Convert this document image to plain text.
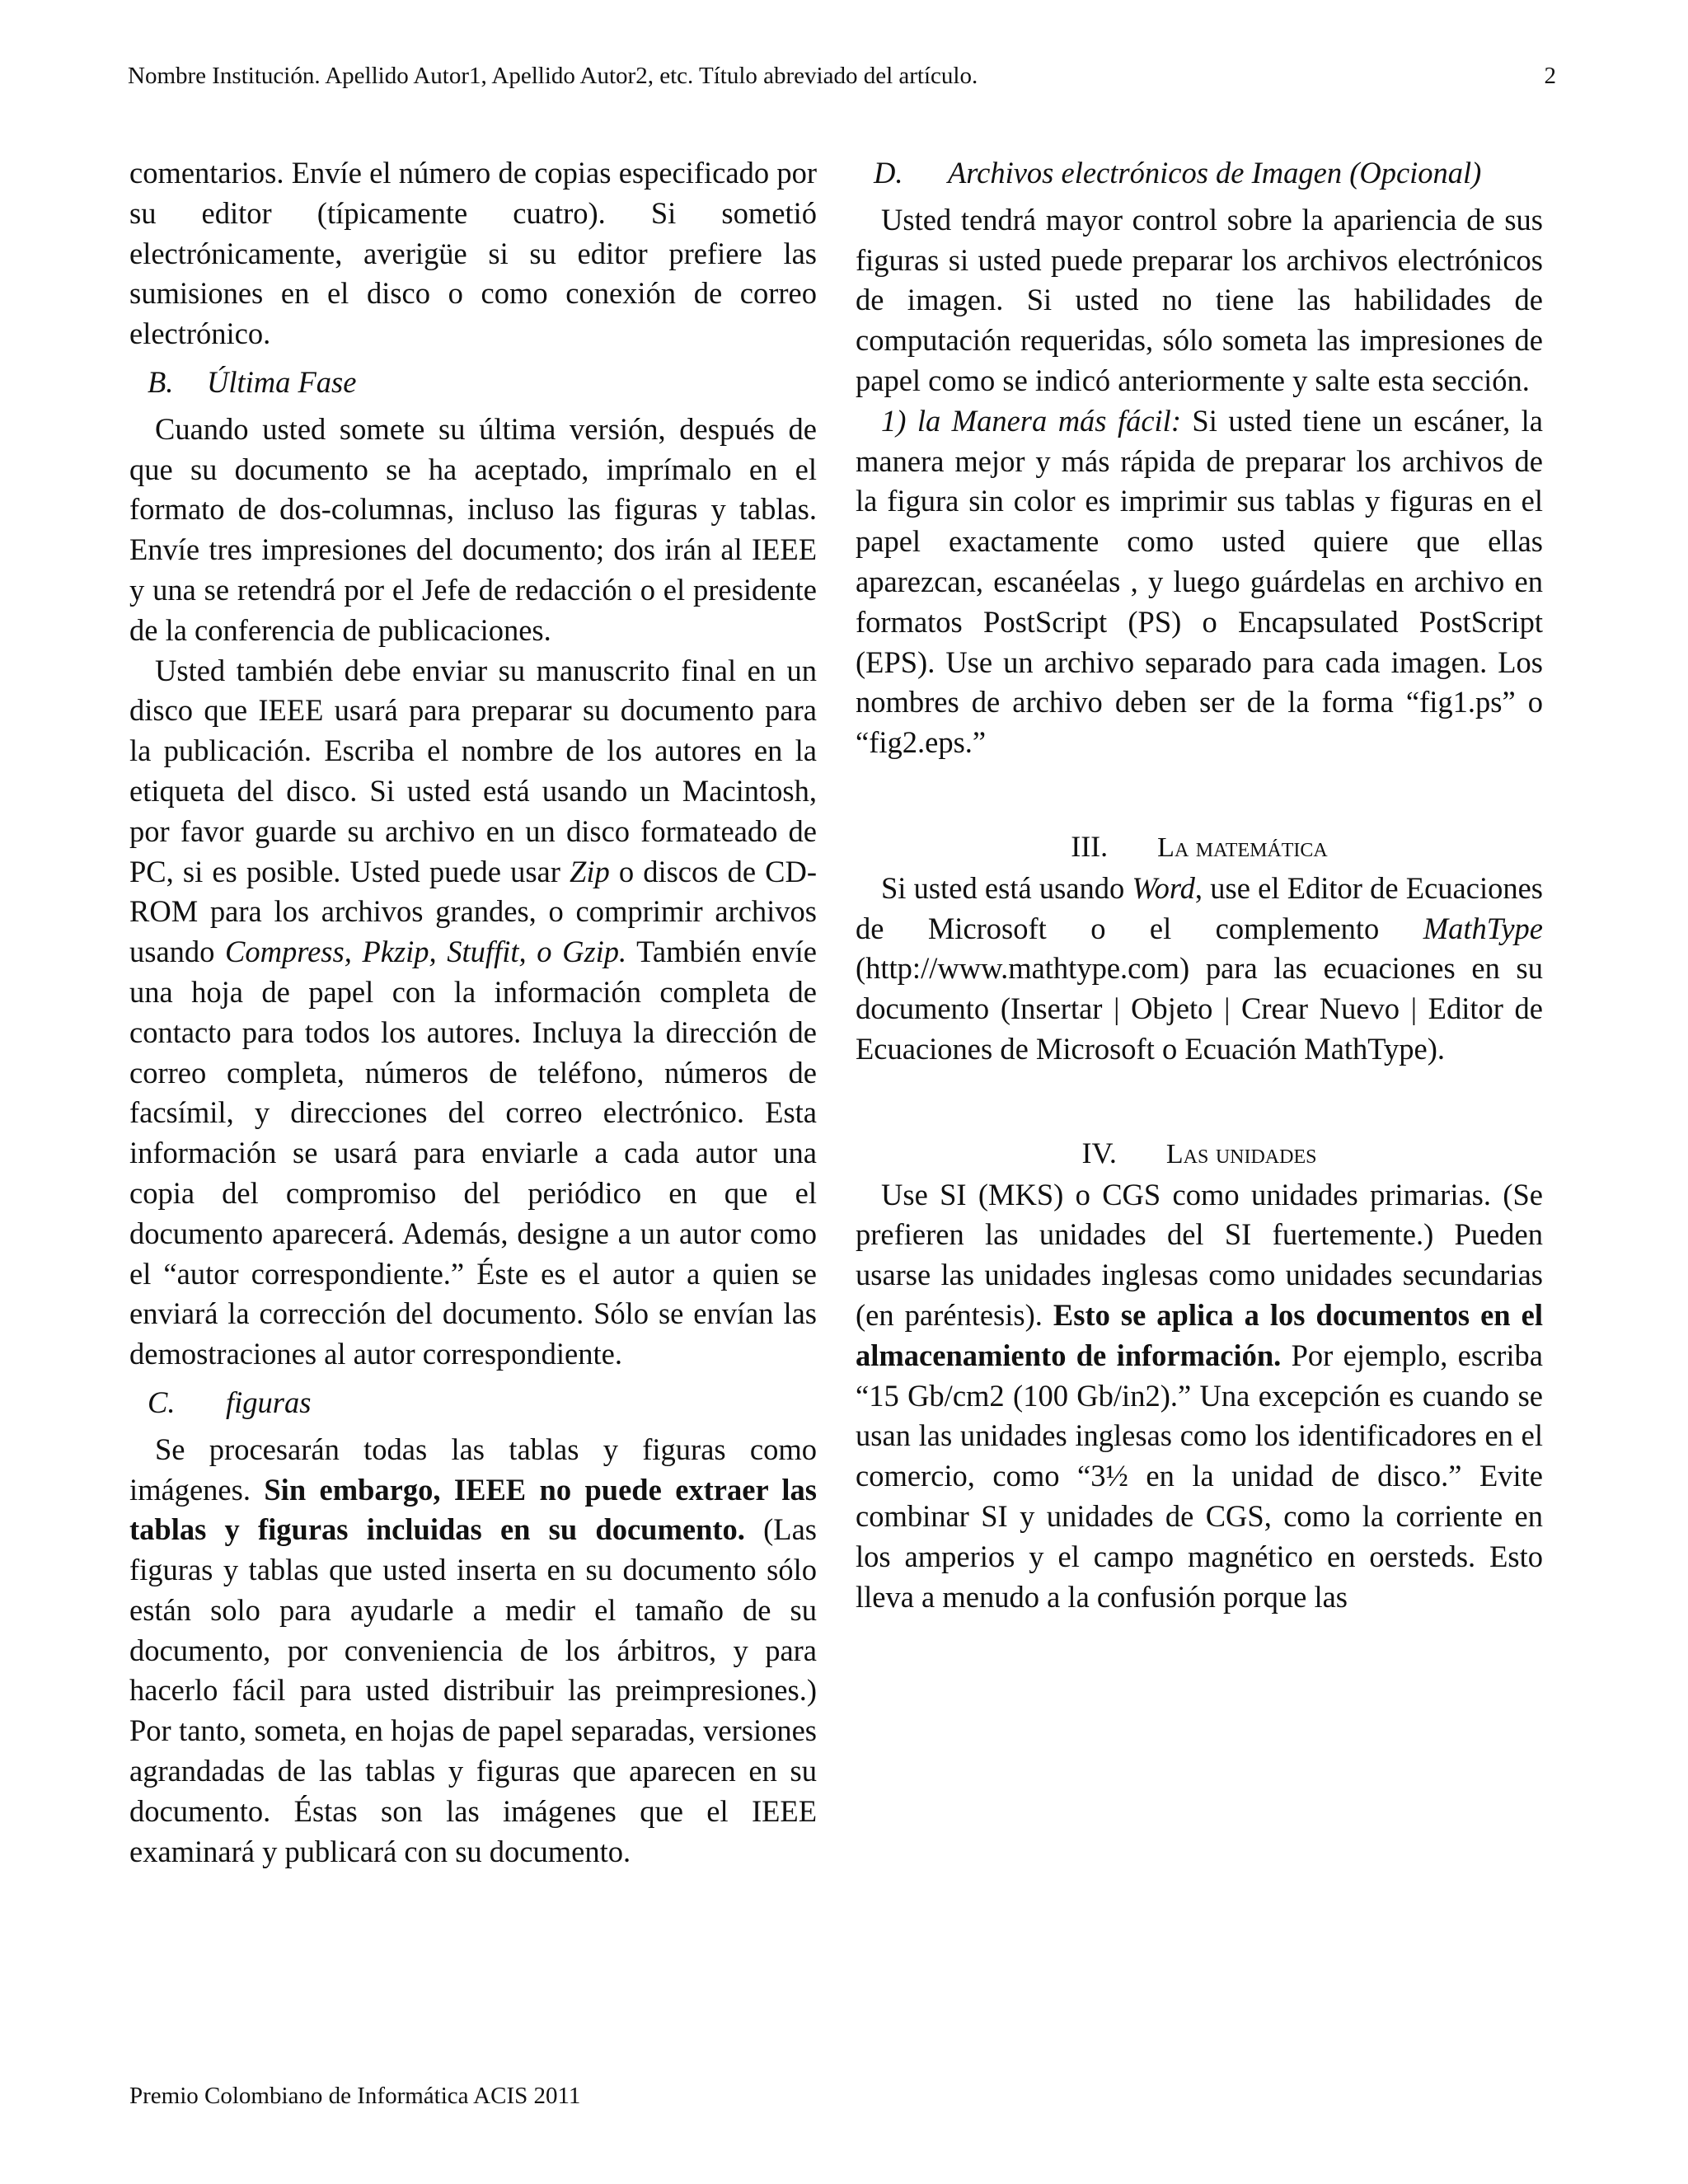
Nombre Institución. Apellido Autor1, Apellido Autor2, etc. Título abreviado del artículo.	2

comentarios. Envíe el número de copias especificado por su editor (típicamente cuatro). Si sometió electrónicamente, averigüe si su editor prefiere las sumisiones en el disco o como conexión de correo electrónico.

B.	Última Fase

Cuando usted somete su última versión, después de que su documento se ha aceptado, imprímalo en el formato de dos-columnas, incluso las figuras y tablas. Envíe tres impresiones del documento; dos irán al IEEE y una se retendrá por el Jefe de redacción o el presidente de la conferencia de publicaciones.

Usted también debe enviar su manuscrito final en un disco que IEEE usará para preparar su documento para la publicación. Escriba el nombre de los autores en la etiqueta del disco. Si usted está usando un Macintosh, por favor guarde su archivo en un disco formateado de PC, si es posible. Usted puede usar Zip o discos de CD-ROM para los archivos grandes, o comprimir archivos usando Compress, Pkzip, Stuffit, o Gzip. También envíe una hoja de papel con la información completa de contacto para todos los autores. Incluya la dirección de correo completa, números de teléfono, números de facsímil, y direcciones del correo electrónico. Esta información se usará para enviarle a cada autor una copia del compromiso del periódico en que el documento aparecerá. Además, designe a un autor como el “autor correspondiente.” Éste es el autor a quien se enviará la corrección del documento. Sólo se envían las demostraciones al autor correspondiente.

C.	figuras

Se procesarán todas las tablas y figuras como imágenes. Sin embargo, IEEE no puede extraer las tablas y figuras incluidas en su documento. (Las figuras y tablas que usted inserta en su documento sólo están solo para ayudarle a medir el tamaño de su documento, por conveniencia de los árbitros, y para hacerlo fácil para usted distribuir las preimpresiones.) Por tanto, someta, en hojas de papel separadas, versiones agrandadas de las tablas y figuras que aparecen en su documento. Éstas son las imágenes que el IEEE examinará y publicará con su documento.

D.	Archivos electrónicos de Imagen (Opcional)

Usted tendrá mayor control sobre la apariencia de sus figuras si usted puede preparar los archivos electrónicos de imagen. Si usted no tiene las habilidades de computación requeridas, sólo someta las impresiones de papel como se indicó anteriormente y salte esta sección.

1) la Manera más fácil: Si usted tiene un escáner, la manera mejor y más rápida de preparar los archivos de la figura sin color es imprimir sus tablas y figuras en el papel exactamente como usted quiere que ellas aparezcan, escanéelas , y luego guárdelas en archivo en formatos PostScript (PS) o Encapsulated PostScript (EPS). Use un archivo separado para cada imagen. Los nombres de archivo deben ser de la forma “fig1.ps” o “fig2.eps.”

III. La matemática

Si usted está usando Word, use el Editor de Ecuaciones de Microsoft o el complemento MathType (http://www.mathtype.com) para las ecuaciones en su documento (Insertar | Objeto | Crear Nuevo | Editor de Ecuaciones de Microsoft o Ecuación MathType).

IV. Las unidades

Use SI (MKS) o CGS como unidades primarias. (Se prefieren las unidades del SI fuertemente.) Pueden usarse las unidades inglesas como unidades secundarias (en paréntesis). Esto se aplica a los documentos en el almacenamiento de información. Por ejemplo, escriba “15 Gb/cm2 (100 Gb/in2).” Una excepción es cuando se usan las unidades inglesas como los identificadores en el comercio, como “3½ en la unidad de disco.” Evite combinar SI y unidades de CGS, como la corriente en los amperios y el campo magnético en oersteds. Esto lleva a menudo a la confusión porque las

Premio Colombiano de Informática ACIS 2011
